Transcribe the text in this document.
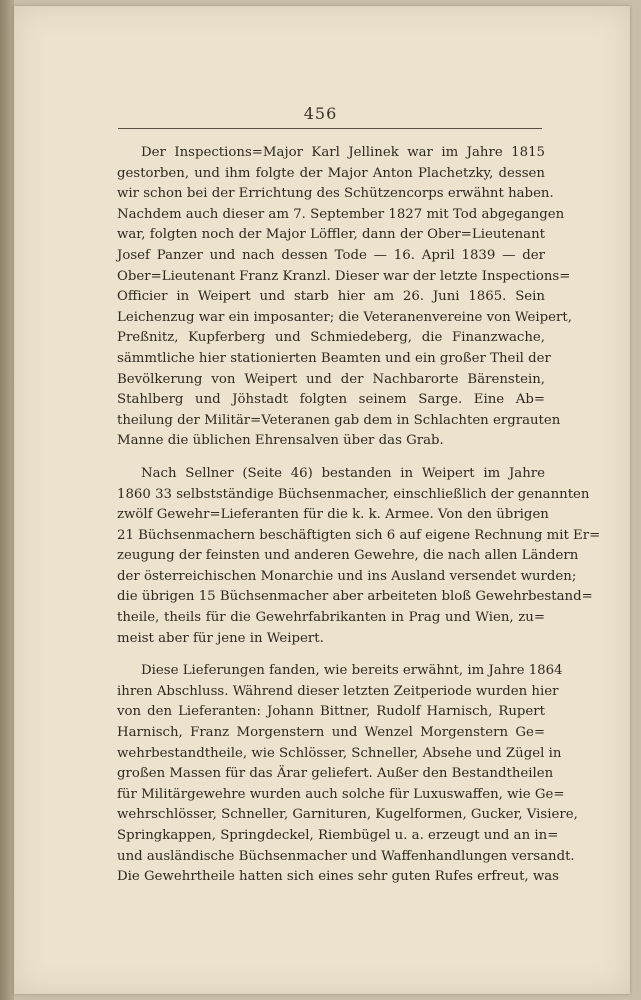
456
Der Inspections=Major Karl Jellinek war im Jahre 1815
gestorben, und ihm folgte der Major Anton Plachetzky, dessen
wir schon bei der Errichtung des Schützencorps erwähnt haben.
Nachdem auch dieser am 7. September 1827 mit Tod abgegangen
war, folgten noch der Major Löffler, dann der Ober=Lieutenant
Josef Panzer und nach dessen Tode — 16. April 1839 — der
Ober=Lieutenant Franz Kranzl. Dieser war der letzte Inspections=
Officier in Weipert und starb hier am 26. Juni 1865. Sein
Leichenzug war ein imposanter; die Veteranenvereine von Weipert,
Preßnitz, Kupferberg und Schmiedeberg, die Finanzwache,
sämmtliche hier stationierten Beamten und ein großer Theil der
Bevölkerung von Weipert und der Nachbarorte Bärenstein,
Stahlberg und Jöhstadt folgten seinem Sarge. Eine Ab=
theilung der Militär=Veteranen gab dem in Schlachten ergrauten
Manne die üblichen Ehrensalven über das Grab.
Nach Sellner (Seite 46) bestanden in Weipert im Jahre
1860 33 selbstständige Büchsenmacher, einschließlich der genannten
zwölf Gewehr=Lieferanten für die k. k. Armee. Von den übrigen
21 Büchsenmachern beschäftigten sich 6 auf eigene Rechnung mit Er=
zeugung der feinsten und anderen Gewehre, die nach allen Ländern
der österreichischen Monarchie und ins Ausland versendet wurden;
die übrigen 15 Büchsenmacher aber arbeiteten bloß Gewehrbestand=
theile, theils für die Gewehrfabrikanten in Prag und Wien, zu=
meist aber für jene in Weipert.
Diese Lieferungen fanden, wie bereits erwähnt, im Jahre 1864
ihren Abschluss. Während dieser letzten Zeitperiode wurden hier
von den Lieferanten: Johann Bittner, Rudolf Harnisch, Rupert
Harnisch, Franz Morgenstern und Wenzel Morgenstern Ge=
wehrbestandtheile, wie Schlösser, Schneller, Absehe und Zügel in
großen Massen für das Ärar geliefert. Außer den Bestandtheilen
für Militärgewehre wurden auch solche für Luxuswaffen, wie Ge=
wehrschlösser, Schneller, Garnituren, Kugelformen, Gucker, Visiere,
Springkappen, Springdeckel, Riembügel u. a. erzeugt und an in=
und ausländische Büchsenmacher und Waffenhandlungen versandt.
Die Gewehrtheile hatten sich eines sehr guten Rufes erfreut, was
